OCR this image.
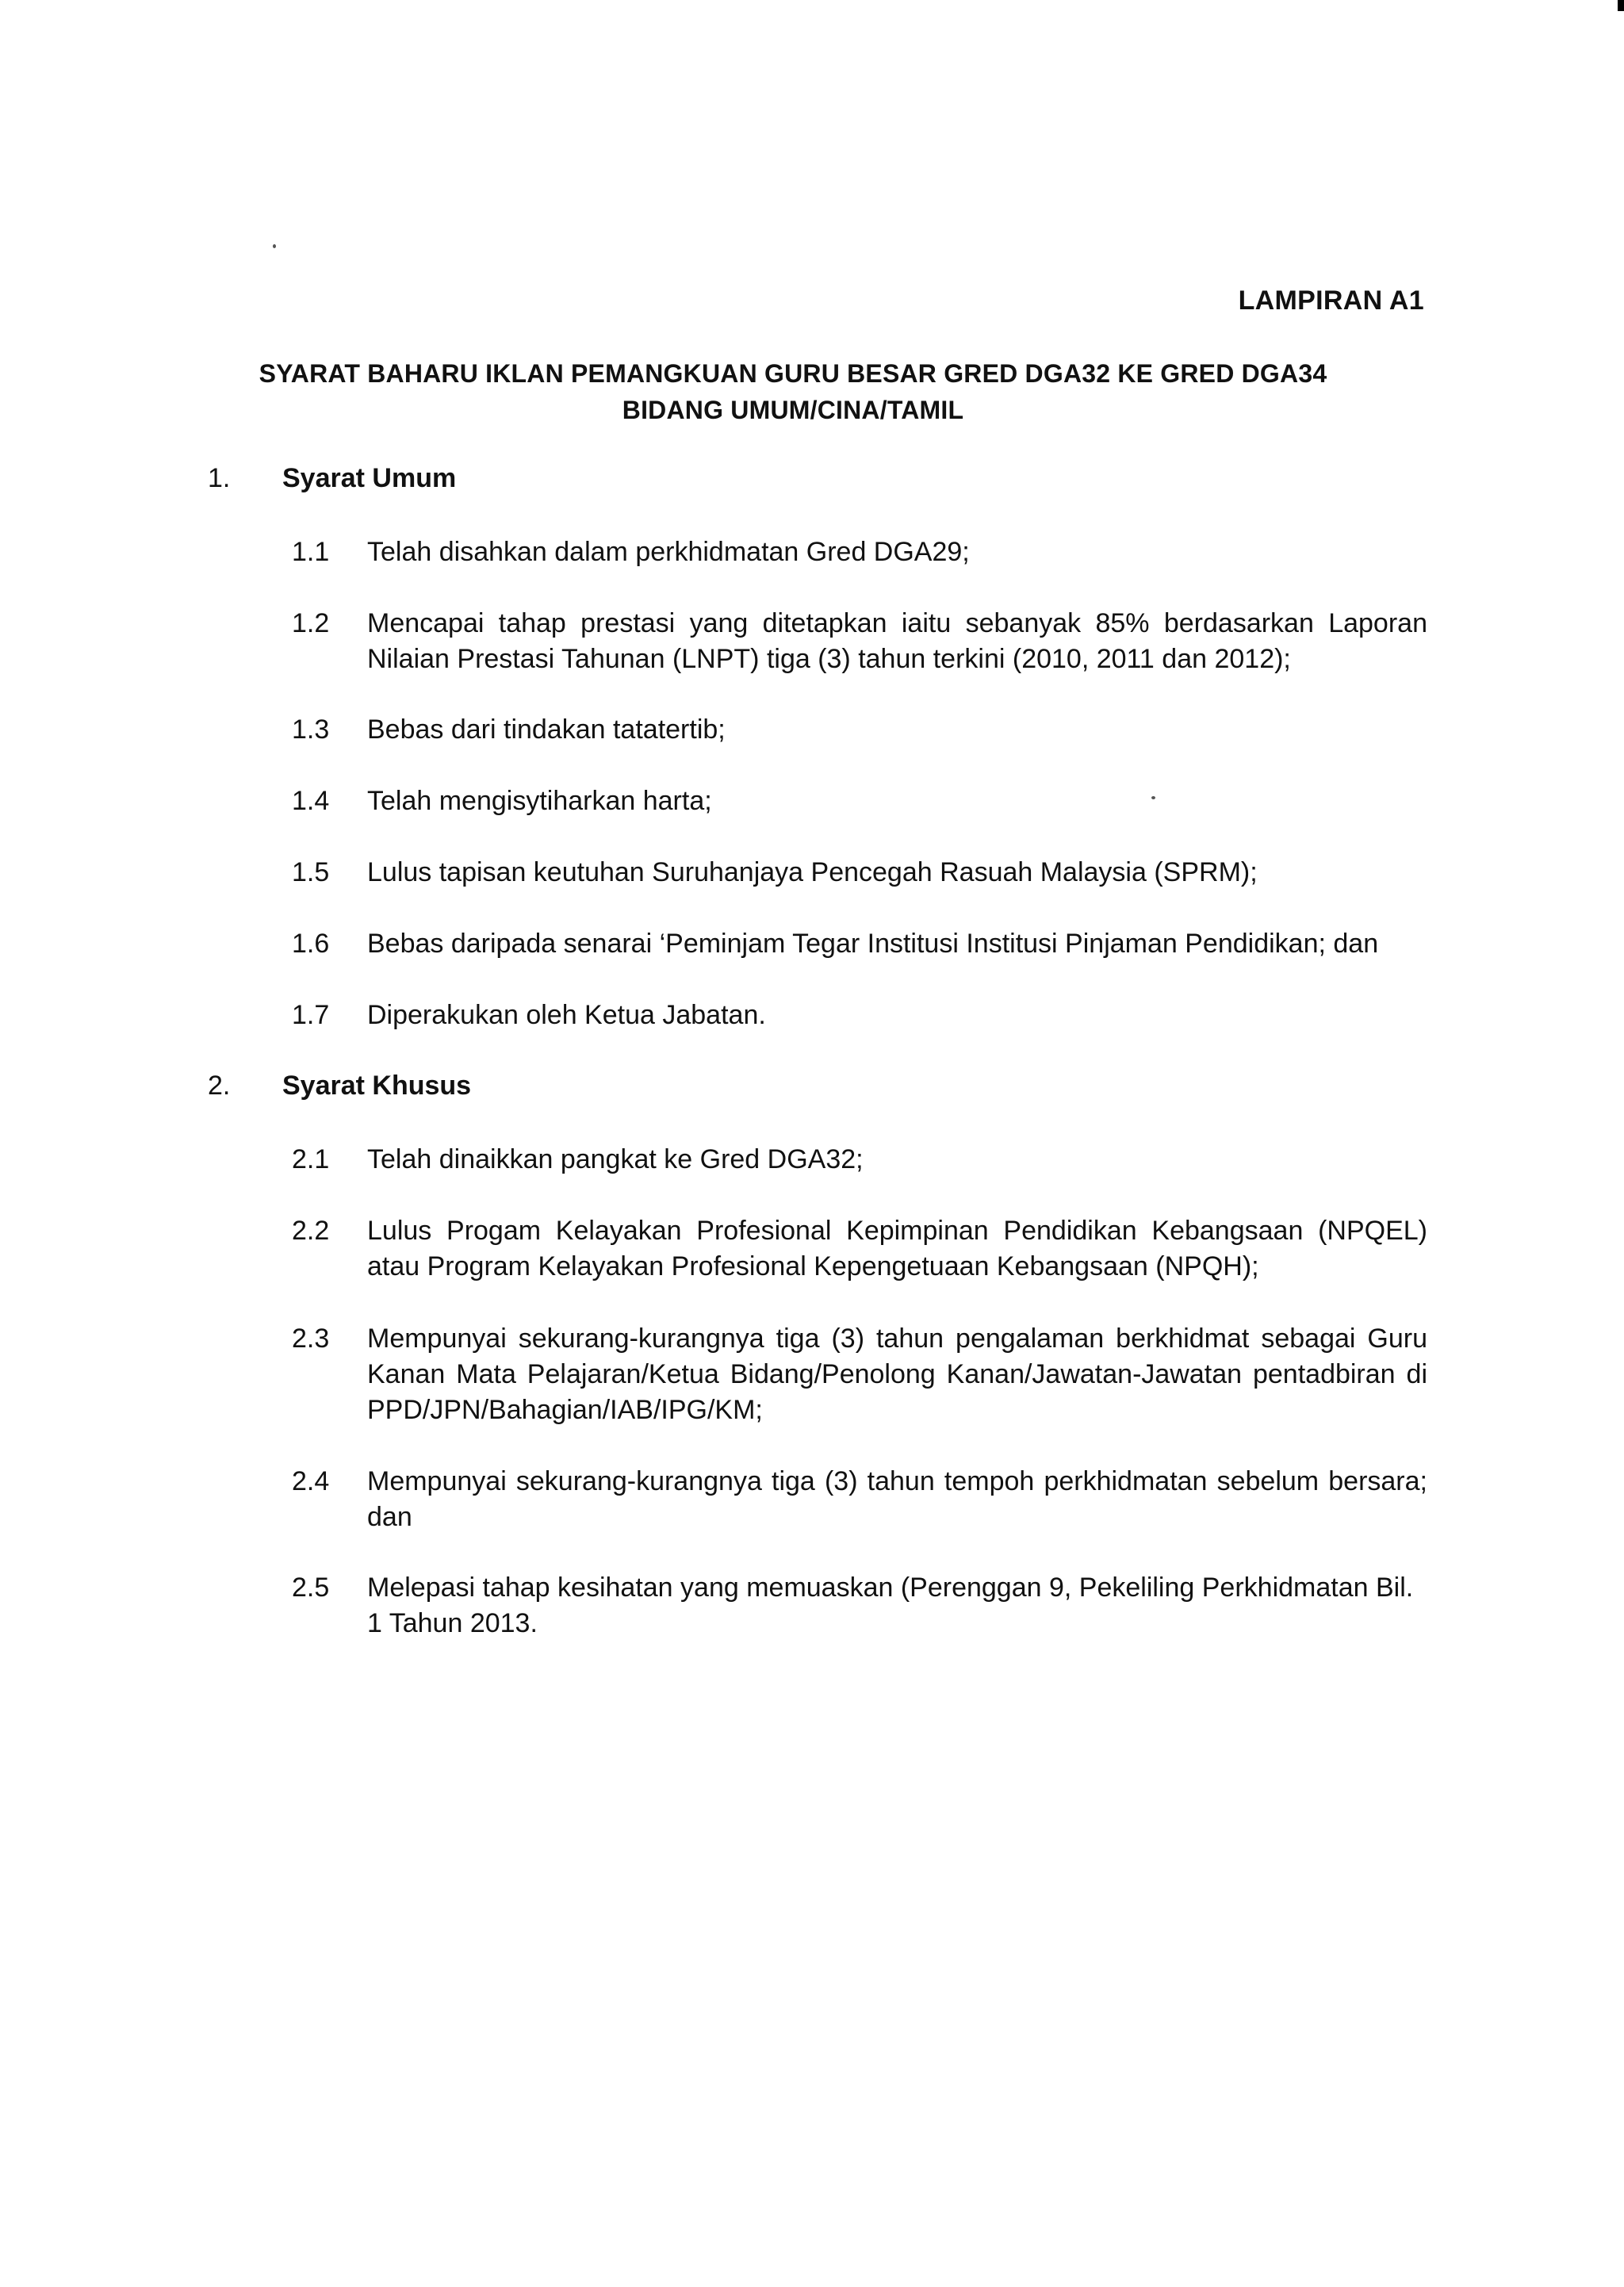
LAMPIRAN A1
SYARAT BAHARU IKLAN PEMANGKUAN GURU BESAR GRED DGA32 KE GRED DGA34
BIDANG UMUM/CINA/TAMIL
1. Syarat Umum
1.1	Telah disahkan dalam perkhidmatan Gred DGA29;
1.2	Mencapai tahap prestasi yang ditetapkan iaitu sebanyak 85% berdasarkan Laporan Nilaian Prestasi Tahunan (LNPT) tiga (3) tahun terkini (2010, 2011 dan 2012);
1.3	Bebas dari tindakan tatatertib;
1.4	Telah mengisytiharkan harta;
1.5	Lulus tapisan keutuhan Suruhanjaya Pencegah Rasuah Malaysia (SPRM);
1.6	Bebas daripada senarai ‘Peminjam Tegar Institusi Institusi Pinjaman Pendidikan; dan
1.7	Diperakukan oleh Ketua Jabatan.
2. Syarat Khusus
2.1	Telah dinaikkan pangkat ke Gred DGA32;
2.2	Lulus Progam Kelayakan Profesional Kepimpinan Pendidikan Kebangsaan (NPQEL) atau Program Kelayakan Profesional Kepengetuaan Kebangsaan (NPQH);
2.3	Mempunyai sekurang-kurangnya tiga (3) tahun pengalaman berkhidmat sebagai Guru Kanan Mata Pelajaran/Ketua Bidang/Penolong Kanan/Jawatan-Jawatan pentadbiran di PPD/JPN/Bahagian/IAB/IPG/KM;
2.4	Mempunyai sekurang-kurangnya tiga (3) tahun tempoh perkhidmatan sebelum bersara; dan
2.5	Melepasi tahap kesihatan yang memuaskan (Perenggan 9, Pekeliling Perkhidmatan Bil. 1 Tahun 2013.
